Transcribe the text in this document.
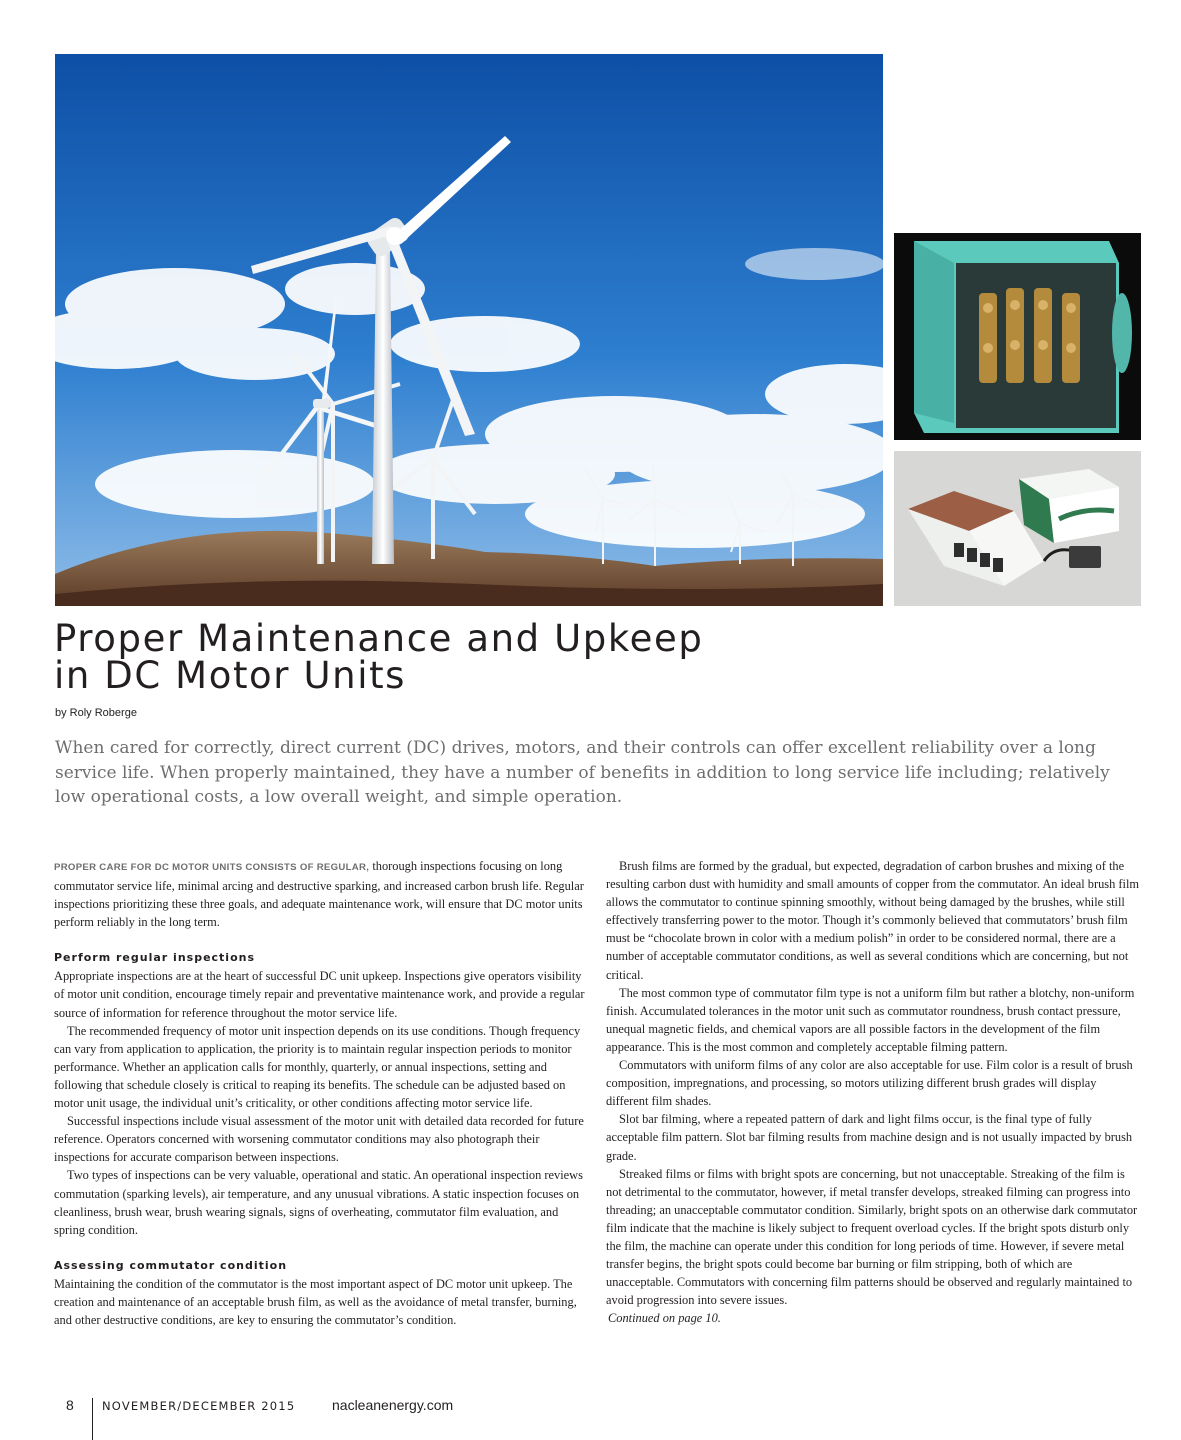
Proper Maintenance and Upkeep
in DC Motor Units
by Roly Roberge

When cared for correctly, direct current (DC) drives, motors, and their controls can offer excellent reliability over a long service life. When properly maintained, they have a number of benefits in addition to long service life including; relatively low operational costs, a low overall weight, and simple operation.

PROPER CARE FOR DC MOTOR UNITS CONSISTS OF REGULAR, thorough inspections focusing on long commutator service life, minimal arcing and destructive sparking, and increased carbon brush life. Regular inspections prioritizing these three goals, and adequate maintenance work, will ensure that DC motor units perform reliably in the long term.

Perform regular inspections

Appropriate inspections are at the heart of successful DC unit upkeep. Inspections give operators visibility of motor unit condition, encourage timely repair and preventative maintenance work, and provide a regular source of information for reference throughout the motor service life.

The recommended frequency of motor unit inspection depends on its use conditions. Though frequency can vary from application to application, the priority is to maintain regular inspection periods to monitor performance. Whether an application calls for monthly, quarterly, or annual inspections, setting and following that schedule closely is critical to reaping its benefits. The schedule can be adjusted based on motor unit usage, the individual unit’s criticality, or other conditions affecting motor service life.

Successful inspections include visual assessment of the motor unit with detailed data recorded for future reference. Operators concerned with worsening commutator conditions may also photograph their inspections for accurate comparison between inspections.

Two types of inspections can be very valuable, operational and static. An operational inspection reviews commutation (sparking levels), air temperature, and any unusual vibrations. A static inspection focuses on cleanliness, brush wear, brush wearing signals, signs of overheating, commutator film evaluation, and spring condition.

Assessing commutator condition

Maintaining the condition of the commutator is the most important aspect of DC motor unit upkeep. The creation and maintenance of an acceptable brush film, as well as the avoidance of metal transfer, burning, and other destructive conditions, are key to ensuring the commutator’s condition.

Brush films are formed by the gradual, but expected, degradation of carbon brushes and mixing of the resulting carbon dust with humidity and small amounts of copper from the commutator. An ideal brush film allows the commutator to continue spinning smoothly, without being damaged by the brushes, while still effectively transferring power to the motor. Though it’s commonly believed that commutators’ brush film must be “chocolate brown in color with a medium polish” in order to be considered normal, there are a number of acceptable commutator conditions, as well as several conditions which are concerning, but not critical.

The most common type of commutator film type is not a uniform film but rather a blotchy, non-uniform finish. Accumulated tolerances in the motor unit such as commutator roundness, brush contact pressure, unequal magnetic fields, and chemical vapors are all possible factors in the development of the film appearance. This is the most common and completely acceptable filming pattern.

Commutators with uniform films of any color are also acceptable for use. Film color is a result of brush composition, impregnations, and processing, so motors utilizing different brush grades will display different film shades.

Slot bar filming, where a repeated pattern of dark and light films occur, is the final type of fully acceptable film pattern. Slot bar filming results from machine design and is not usually impacted by brush grade.

Streaked films or films with bright spots are concerning, but not unacceptable. Streaking of the film is not detrimental to the commutator, however, if metal transfer develops, streaked filming can progress into threading; an unacceptable commutator condition. Similarly, bright spots on an otherwise dark commutator film indicate that the machine is likely subject to frequent overload cycles. If the bright spots disturb only the film, the machine can operate under this condition for long periods of time. However, if severe metal transfer begins, the bright spots could become bar burning or film stripping, both of which are unacceptable. Commutators with concerning film patterns should be observed and regularly maintained to avoid progression into severe issues.

Continued on page 10.

8 NOVEMBER/DECEMBER 2015	nacleanenergy.com
